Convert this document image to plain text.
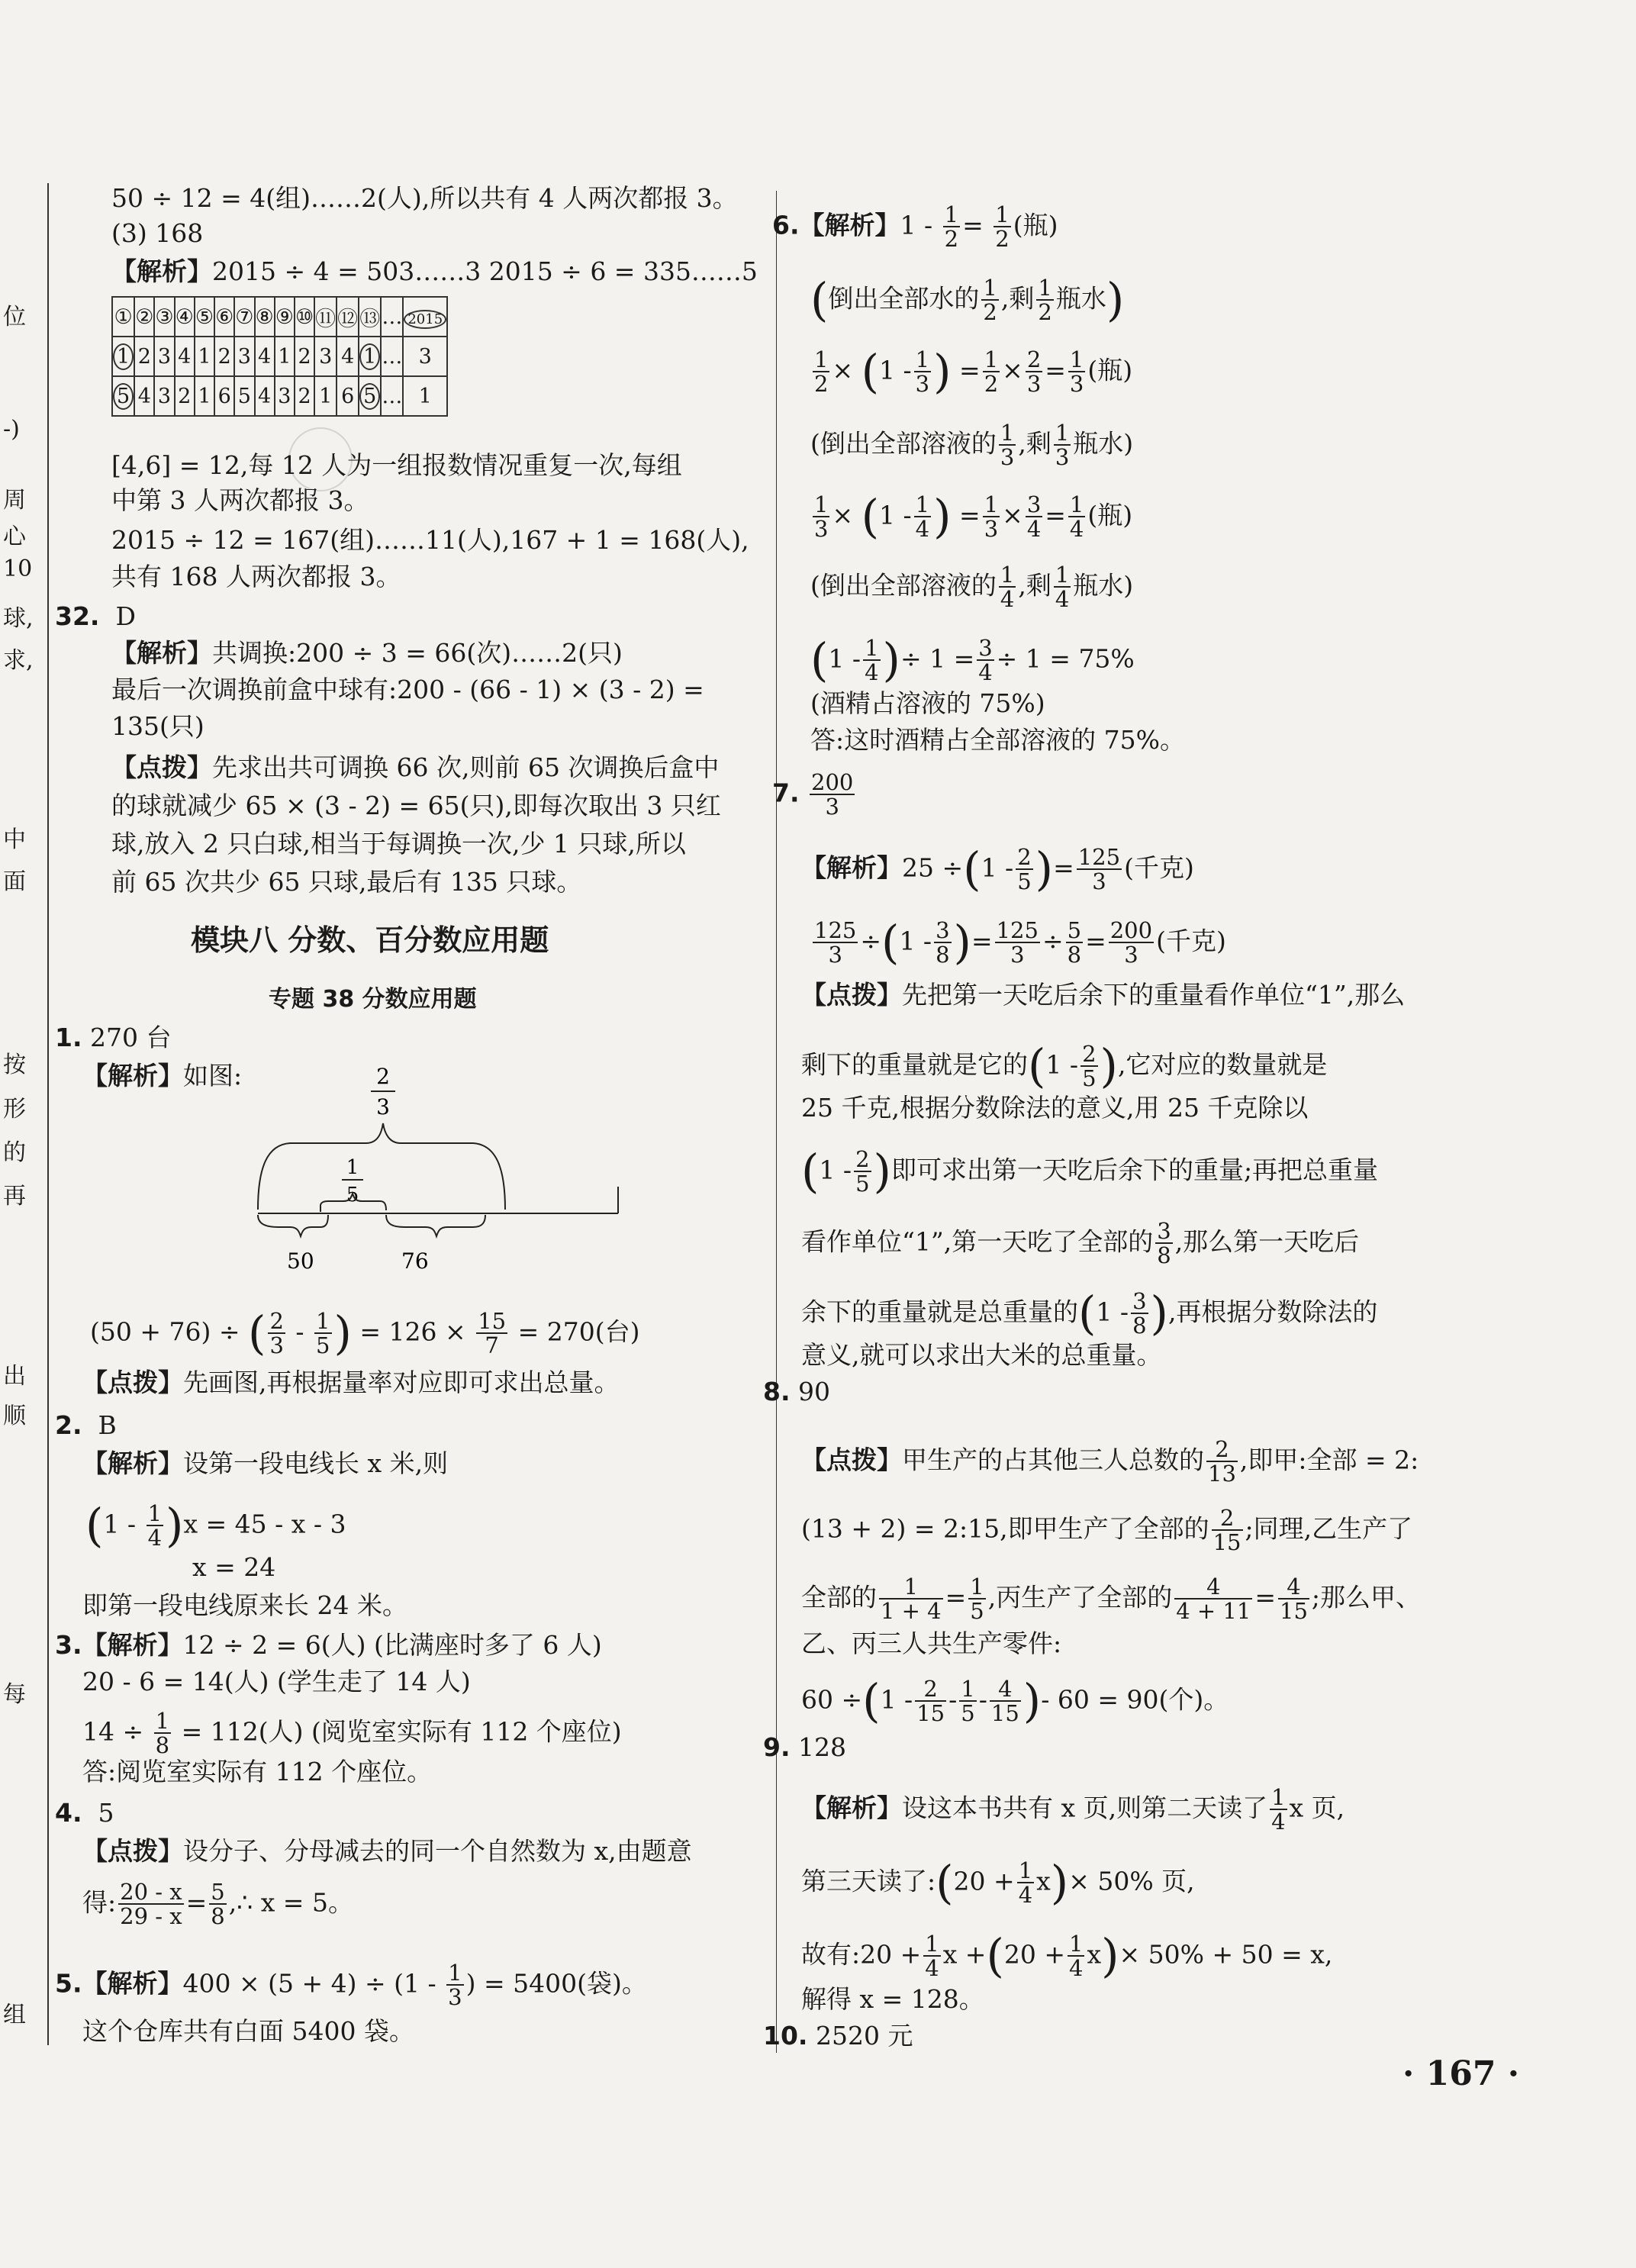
位
-)
周
心
10
球,
求,
中
面
按
形
的
再
出
顺
每
组
50 ÷ 12 = 4(组)……2(人),所以共有 4 人两次都报 3。
(3) 168
【解析】2015 ÷ 4 = 503……3 2015 ÷ 6 = 335……5
①	②	③	④	⑤	⑥	⑦	⑧	⑨	⑩	⑪	⑫	⑬	…	2015
1	2	3	4	1	2	3	4	1	2	3	4	1	…	3
5	4	3	2	1	6	5	4	3	2	1	6	5	…	1
[4,6] = 12,每 12 人为一组报数情况重复一次,每组
中第 3 人两次都报 3。
2015 ÷ 12 = 167(组)……11(人),167 + 1 = 168(人),
共有 168 人两次都报 3。
32. D
【解析】共调换:200 ÷ 3 = 66(次)……2(只)
最后一次调换前盒中球有:200 - (66 - 1) × (3 - 2) =
135(只)
【点拨】先求出共可调换 66 次,则前 65 次调换后盒中
的球就减少 65 × (3 - 2) = 65(只),即每次取出 3 只红
球,放入 2 只白球,相当于每调换一次,少 1 只球,所以
前 65 次共少 65 只球,最后有 135 只球。
模块八 分数、百分数应用题
专题 38 分数应用题
1. 270 台
【解析】如图:	2
3
1
5
50	76
(50 + 76) ÷ ( $\frac{2}{3} - \frac{1}{5}$ ) = $126 \times \frac{15}{7} = 270$(台)
【点拨】先画图,再根据量率对应即可求出总量。
2. B
【解析】设第一段电线长 x 米,则
$(1 - \frac{1}{4} )x = 45 - x - 3$
x = 24
即第一段电线原来长 24 米。
3.【解析】12 ÷ 2 = 6(人) (比满座时多了 6 人)
20 - 6 = 14(人) (学生走了 14 人)
$14 \div \frac{1}{8} = 112$(人) (阅览室实际有 112 个座位)
答:阅览室实际有 112 个座位。
4. 5
【点拨】设分子、分母减去的同一个自然数为 x,由题意
得: $\frac{20 - x}{29 - x} = \frac{5}{8}$ ,∴ x = 5。
5.【解析】$400 \times (5 + 4) \div (1 - \frac{1}{3}$ ) = 5400(袋)。
这个仓库共有白面 5400 袋。
6.【解析】$1 - \frac{1}{2} = \frac{1}{2}$ (瓶)
(倒出全部水的 $\frac{1}{2}$ ,剩 $\frac{1}{2}$ 瓶水)
$\frac{1}{2} \times (1 - \frac{1}{3}$ ) = $\frac{1}{2} \times \frac{2}{3} = \frac{1}{3}$ (瓶)
(倒出全部溶液的 $\frac{1}{3}$ ,剩 $\frac{1}{3}$ 瓶水)
$\frac{1}{3} \times (1 - \frac{1}{4}$ ) = $\frac{1}{3} \times \frac{3}{4} = \frac{1}{4}$ (瓶)
(倒出全部溶液的 $\frac{1}{4}$ ,剩 $\frac{1}{4}$ 瓶水)
($1 - \frac{1}{4}$ )÷ $1 = \frac{3}{4} \div 1 = 75\%$
(酒精占溶液的 75%)
答:这时酒精占全部溶液的 75%。
7. $\frac{200}{3}$
【解析】$25 \div(1 - \frac{2}{5}$ )= $\frac{125}{3}$ (千克)
$\frac{125}{3} \div(1 - \frac{3}{8}$ )= $\frac{125}{3} \div \frac{5}{8} = \frac{200}{3}$ (千克)
【点拨】先把第一天吃后余下的重量看作单位“1”,那么
剩下的重量就是它的($1 - \frac{2}{5}$ ),它对应的数量就是
25 千克,根据分数除法的意义,用 25 千克除以
($1 - \frac{2}{5}$ )即可求出第一天吃后余下的重量;再把总重量
看作单位“1”,第一天吃了全部的 $\frac{3}{8}$ ,那么第一天吃后
余下的重量就是总重量的($1 - \frac{3}{8}$ ),再根据分数除法的
意义,就可以求出大米的总重量。
8. 90
【点拨】甲生产的占其他三人总数的 $\frac{2}{13}$ ,即甲:全部 = 2:
(13 + 2) = 2:15,即甲生产了全部的 $\frac{2}{15}$ ;同理,乙生产了
全部的 $\frac{1}{1 + 4} = \frac{1}{5}$ ,丙生产了全部的 $\frac{4}{4 + 11} = \frac{4}{15}$ ;那么甲、
乙、丙三人共生产零件:
$60 \div(1 - \frac{2}{15} - \frac{1}{5} - \frac{4}{15}$ )- 60 = 90(个)。
9. 128
【解析】设这本书共有 x 页,则第二天读了 $\frac{1}{4}$ x 页,
第三天读了:(20 + $\frac{1}{4} x)\times 50\%$ 页,
故有:20 + $\frac{1}{4}$ $x +(20 + \frac{1}{4} x)\times 50\% + 50 = x$,
解得 x = 128。
10. 2520 元
· 167 ·
